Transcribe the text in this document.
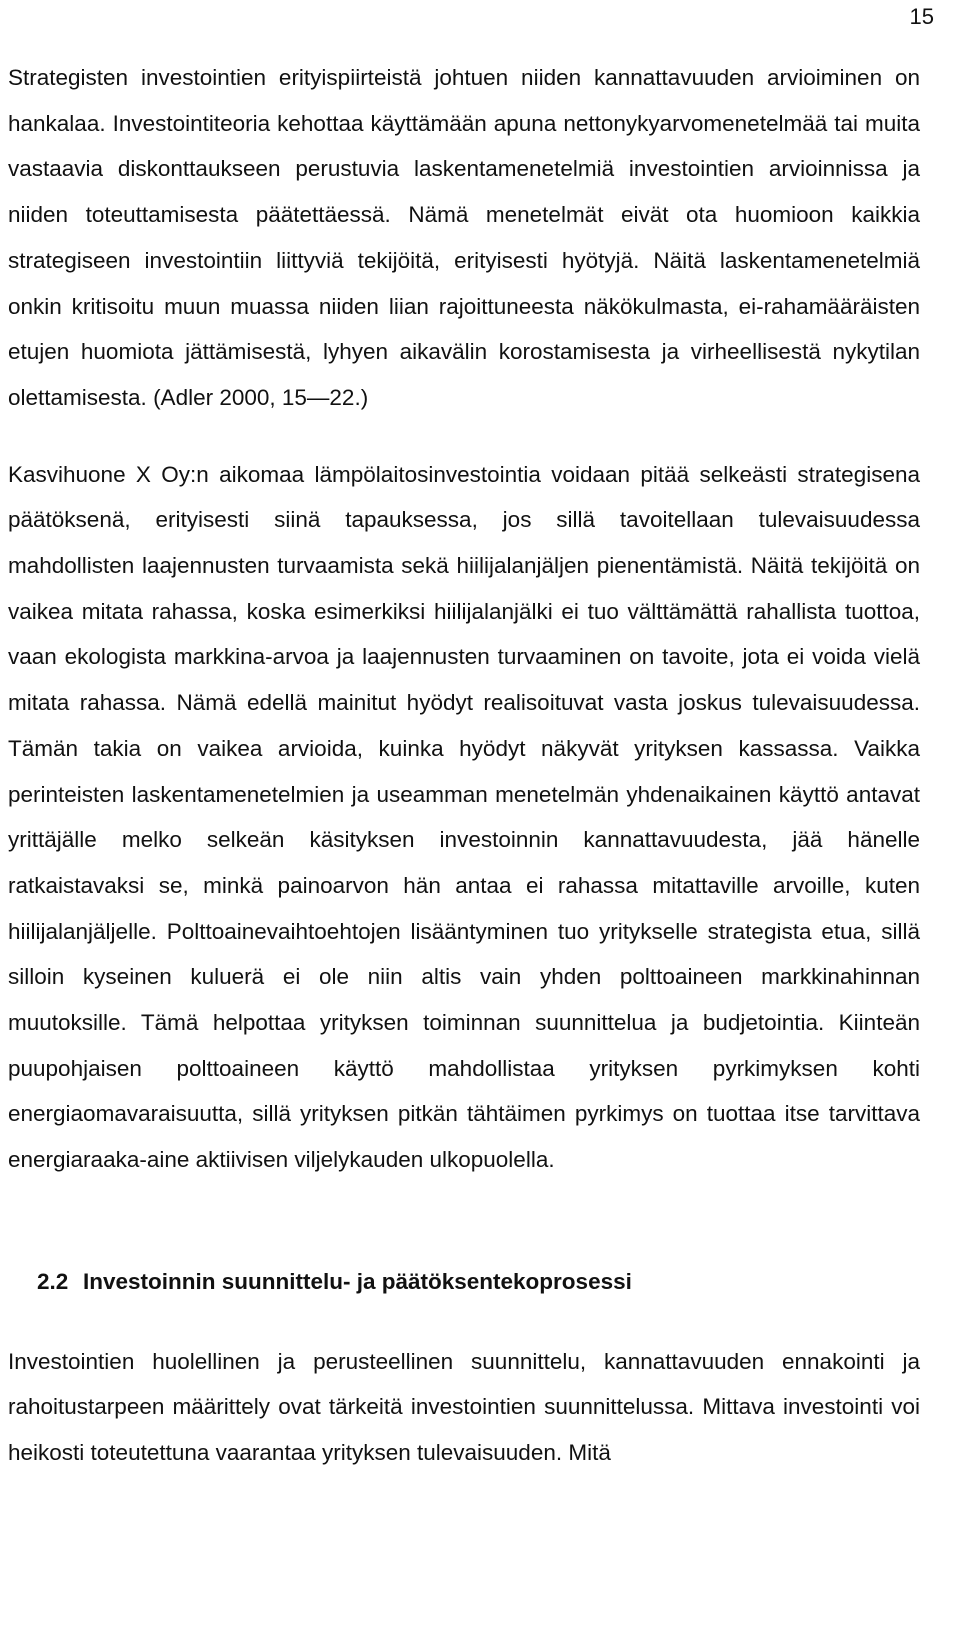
15

Strategisten investointien erityispiirteistä johtuen niiden kannattavuuden arvioiminen on hankalaa. Investointiteoria kehottaa käyttämään apuna nettonykyarvomenetelmää tai muita vastaavia diskonttaukseen perustuvia laskentamenetelmiä investointien arvioinnissa ja niiden toteuttamisesta päätettäessä. Nämä menetelmät eivät ota huomioon kaikkia strategiseen investointiin liittyviä tekijöitä, erityisesti hyötyjä. Näitä laskentamenetelmiä onkin kritisoitu muun muassa niiden liian rajoittuneesta näkökulmasta, ei-rahamääräisten etujen huomiota jättämisestä, lyhyen aikavälin korostamisesta ja virheellisestä nykytilan olettamisesta. (Adler 2000, 15—22.)

Kasvihuone X Oy:n aikomaa lämpölaitosinvestointia voidaan pitää selkeästi strategisena päätöksenä, erityisesti siinä tapauksessa, jos sillä tavoitellaan tulevaisuudessa mahdollisten laajennusten turvaamista sekä hiilijalanjäljen pienentämistä. Näitä tekijöitä on vaikea mitata rahassa, koska esimerkiksi hiilijalanjälki ei tuo välttämättä rahallista tuottoa, vaan ekologista markkina-arvoa ja laajennusten turvaaminen on tavoite, jota ei voida vielä mitata rahassa. Nämä edellä mainitut hyödyt realisoituvat vasta joskus tulevaisuudessa. Tämän takia on vaikea arvioida, kuinka hyödyt näkyvät yrityksen kassassa. Vaikka perinteisten laskentamenetelmien ja useamman menetelmän yhdenaikainen käyttö antavat yrittäjälle melko selkeän käsityksen investoinnin kannattavuudesta, jää hänelle ratkaistavaksi se, minkä painoarvon hän antaa ei rahassa mitattaville arvoille, kuten hiilijalanjäljelle. Polttoainevaihtoehtojen lisääntyminen tuo yritykselle strategista etua, sillä silloin kyseinen kuluerä ei ole niin altis vain yhden polttoaineen markkinahinnan muutoksille. Tämä helpottaa yrityksen toiminnan suunnittelua ja budjetointia. Kiinteän puupohjaisen polttoaineen käyttö mahdollistaa yrityksen pyrkimyksen kohti energiaomavaraisuutta, sillä yrityksen pitkän tähtäimen pyrkimys on tuottaa itse tarvittava energiaraaka-aine aktiivisen viljelykauden ulkopuolella.

2.2 Investoinnin suunnittelu- ja päätöksentekoprosessi

Investointien huolellinen ja perusteellinen suunnittelu, kannattavuuden ennakointi ja rahoitustarpeen määrittely ovat tärkeitä investointien suunnittelussa. Mittava investointi voi heikosti toteutettuna vaarantaa yrityksen tulevaisuuden. Mitä
